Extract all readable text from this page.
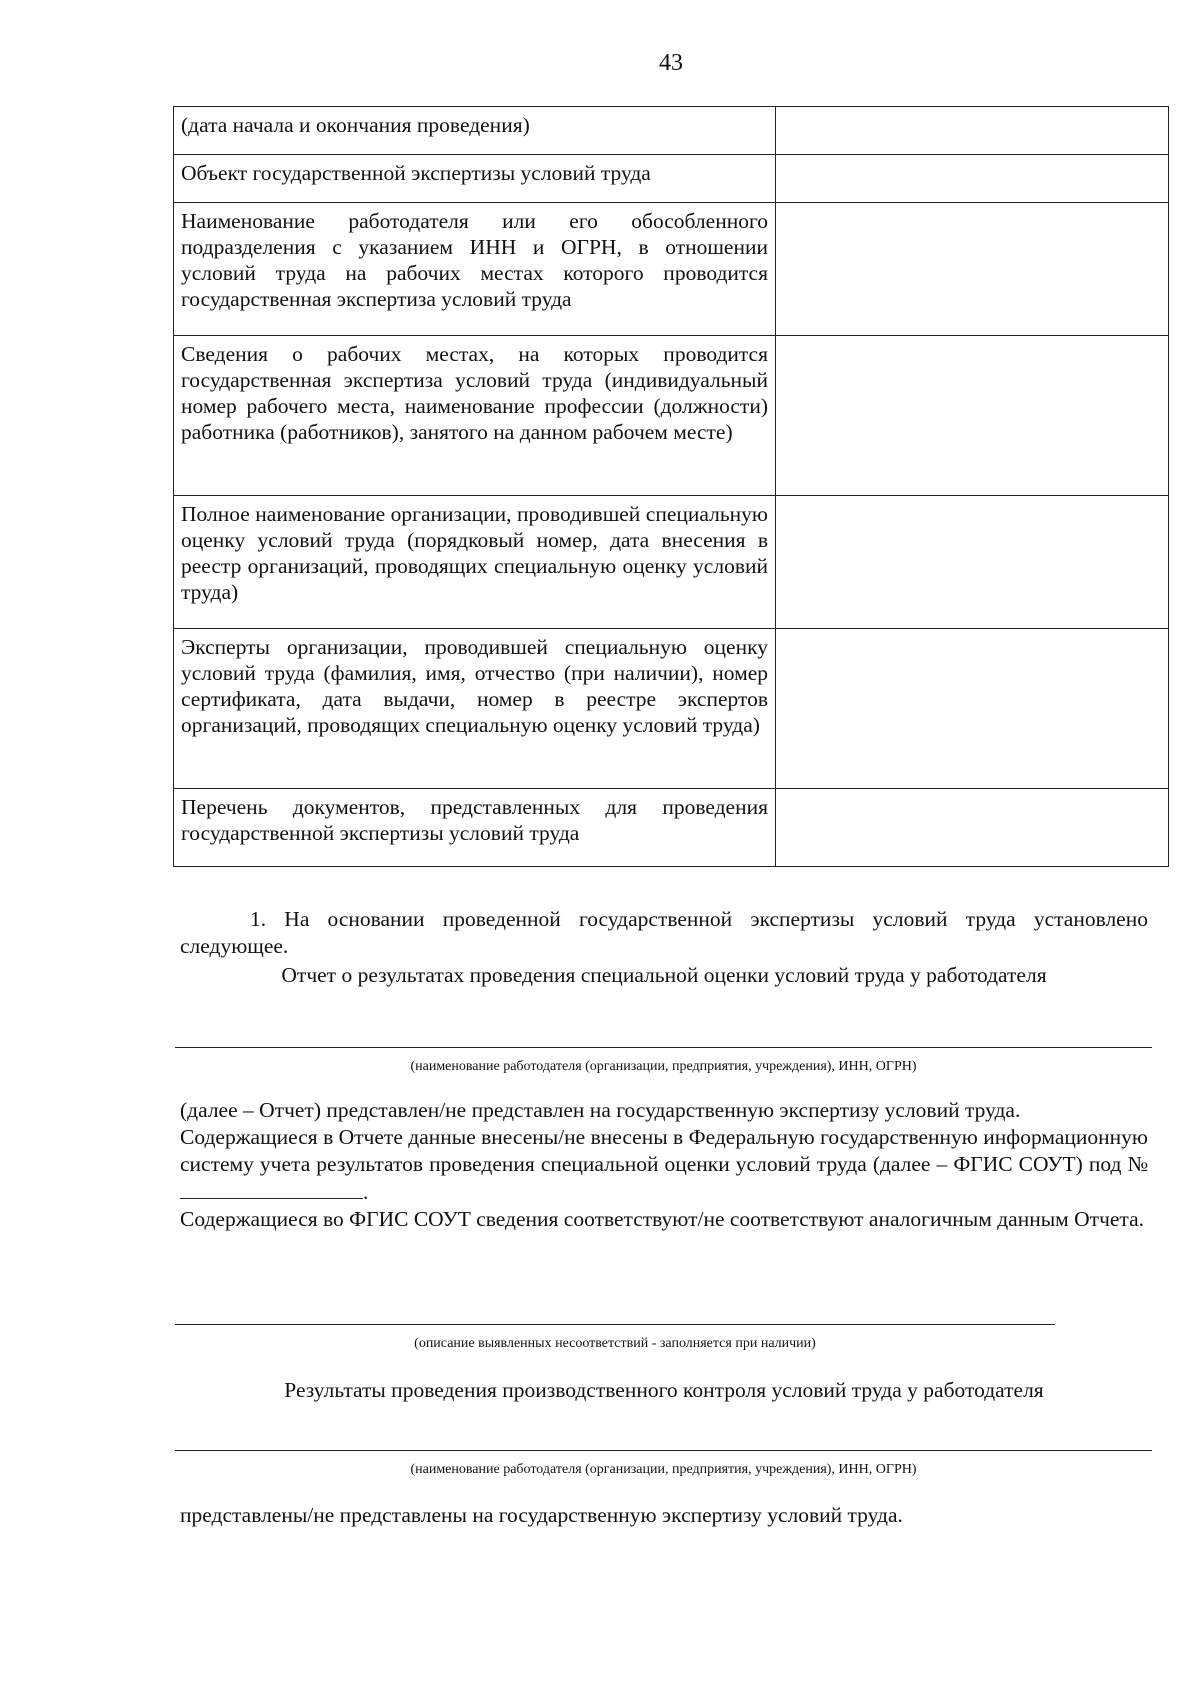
43
(дата начала и окончания проведения)	
Объект государственной экспертизы условий труда	
Наименование работодателя или его обособленного подразделения с указанием ИНН и ОГРН, в отношении условий труда на рабочих местах которого проводится государственная экспертиза условий труда	
Сведения о рабочих местах, на которых проводится государственная экспертиза условий труда (индивидуальный номер рабочего места, наименование профессии (должности) работника (работников), занятого на данном рабочем месте)	
Полное наименование организации, проводившей специальную оценку условий труда (порядковый номер, дата внесения в реестр организаций, проводящих специальную оценку условий труда)	
Эксперты организации, проводившей специальную оценку условий труда (фамилия, имя, отчество (при наличии), номер сертификата, дата выдачи, номер в реестре экспертов организаций, проводящих специальную оценку условий труда)	
Перечень документов, представленных для проведения государственной экспертизы условий труда	
1. На основании проведенной государственной экспертизы условий труда установлено следующее.
Отчет о результатах проведения специальной оценки условий труда у работодателя
(наименование работодателя (организации, предприятия, учреждения), ИНН, ОГРН)
(далее – Отчет) представлен/не представлен на государственную экспертизу условий труда.
Содержащиеся в Отчете данные внесены/не внесены в Федеральную государственную информационную систему учета результатов проведения специальной оценки условий труда (далее – ФГИС СОУТ) под № .
Содержащиеся во ФГИС СОУТ сведения соответствуют/не соответствуют аналогичным данным Отчета.
(описание выявленных несоответствий - заполняется при наличии)
Результаты проведения производственного контроля условий труда у работодателя
(наименование работодателя (организации, предприятия, учреждения), ИНН, ОГРН)
представлены/не представлены на государственную экспертизу условий труда.
